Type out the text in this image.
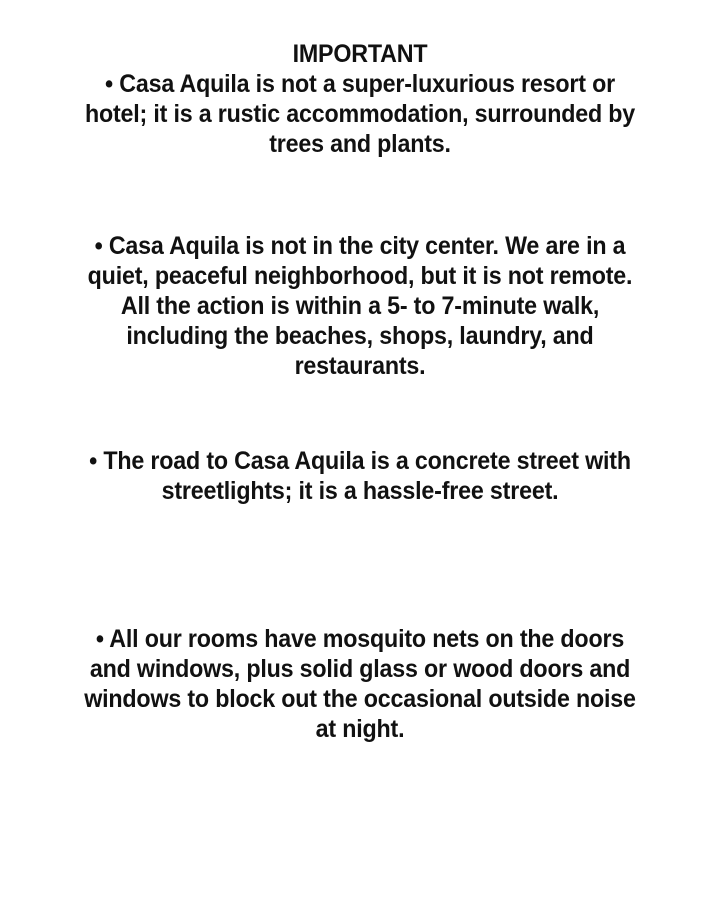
IMPORTANT
• Casa Aquila is not a super-luxurious resort or
hotel; it is a rustic accommodation, surrounded by
trees and plants.
• Casa Aquila is not in the city center. We are in a
quiet, peaceful neighborhood, but it is not remote.
All the action is within a 5- to 7-minute walk,
including the beaches, shops, laundry, and
restaurants.
• The road to Casa Aquila is a concrete street with
streetlights; it is a hassle-free street.
• All our rooms have mosquito nets on the doors
and windows, plus solid glass or wood doors and
windows to block out the occasional outside noise
at night.
